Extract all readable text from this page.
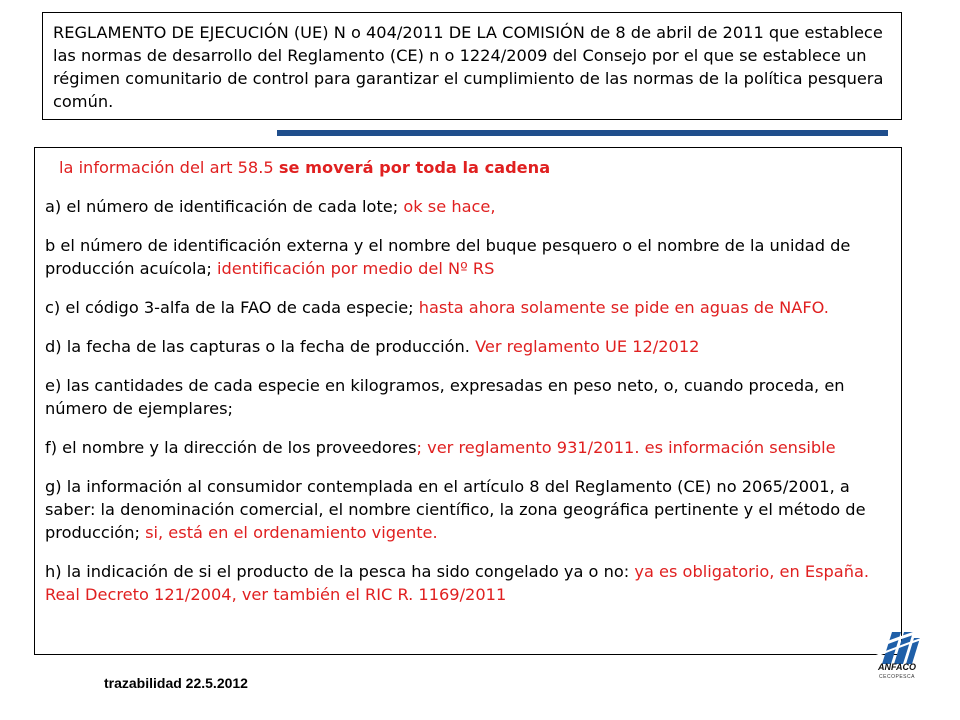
REGLAMENTO DE EJECUCIÓN (UE) N o 404/2011 DE LA COMISIÓN de 8 de abril de 2011 que establece las normas de desarrollo del Reglamento (CE) n o 1224/2009 del Consejo por el que se establece un régimen comunitario de control para garantizar el cumplimiento de las normas de la política pesquera común.

la información del art 58.5 se moverá por toda la cadena

a) el número de identificación de cada lote; ok se hace,

b el número de identificación externa y el nombre del buque pesquero o el nombre de la unidad de producción acuícola; identificación por medio del Nº RS

c) el código 3-alfa de la FAO de cada especie; hasta ahora solamente se pide en aguas de NAFO.

d) la fecha de las capturas o la fecha de producción. Ver reglamento UE 12/2012

e) las cantidades de cada especie en kilogramos, expresadas en peso neto, o, cuando proceda, en número de ejemplares;

f) el nombre y la dirección de los proveedores; ver reglamento 931/2011. es información sensible

g) la información al consumidor contemplada en el artículo 8 del Reglamento (CE) no 2065/2001, a saber: la denominación comercial, el nombre científico, la zona geográfica pertinente y el método de producción; si, está en el ordenamiento vigente.

h) la indicación de si el producto de la pesca ha sido congelado ya o no: ya es obligatorio, en España. Real Decreto 121/2004, ver también el RIC R. 1169/2011

trazabilidad 22.5.2012
ANFACO
CECOPESCA
